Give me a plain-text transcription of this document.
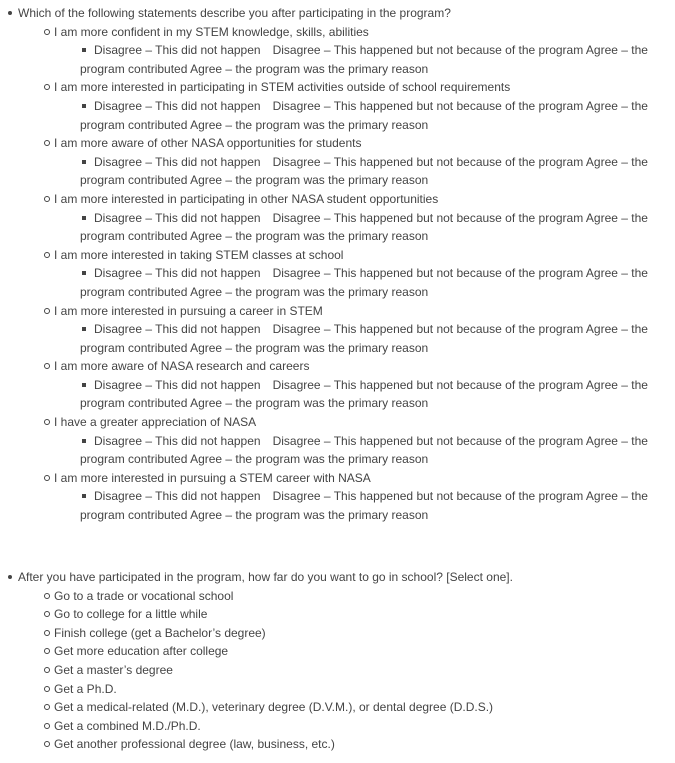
Which of the following statements describe you after participating in the program?
I am more confident in my STEM knowledge, skills, abilities
Disagree – This did not happen Disagree – This happened but not because of the program Agree – the program contributed Agree – the program was the primary reason
I am more interested in participating in STEM activities outside of school requirements
Disagree – This did not happen Disagree – This happened but not because of the program Agree – the program contributed Agree – the program was the primary reason
I am more aware of other NASA opportunities for students
Disagree – This did not happen Disagree – This happened but not because of the program Agree – the program contributed Agree – the program was the primary reason
I am more interested in participating in other NASA student opportunities
Disagree – This did not happen Disagree – This happened but not because of the program Agree – the program contributed Agree – the program was the primary reason
I am more interested in taking STEM classes at school
Disagree – This did not happen Disagree – This happened but not because of the program Agree – the program contributed Agree – the program was the primary reason
I am more interested in pursuing a career in STEM
Disagree – This did not happen Disagree – This happened but not because of the program Agree – the program contributed Agree – the program was the primary reason
I am more aware of NASA research and careers
Disagree – This did not happen Disagree – This happened but not because of the program Agree – the program contributed Agree – the program was the primary reason
I have a greater appreciation of NASA
Disagree – This did not happen Disagree – This happened but not because of the program Agree – the program contributed Agree – the program was the primary reason
I am more interested in pursuing a STEM career with NASA
Disagree – This did not happen Disagree – This happened but not because of the program Agree – the program contributed Agree – the program was the primary reason
After you have participated in the program, how far do you want to go in school? [Select one].
Go to a trade or vocational school
Go to college for a little while
Finish college (get a Bachelor’s degree)
Get more education after college
Get a master’s degree
Get a Ph.D.
Get a medical-related (M.D.), veterinary degree (D.V.M.), or dental degree (D.D.S.)
Get a combined M.D./Ph.D.
Get another professional degree (law, business, etc.)
